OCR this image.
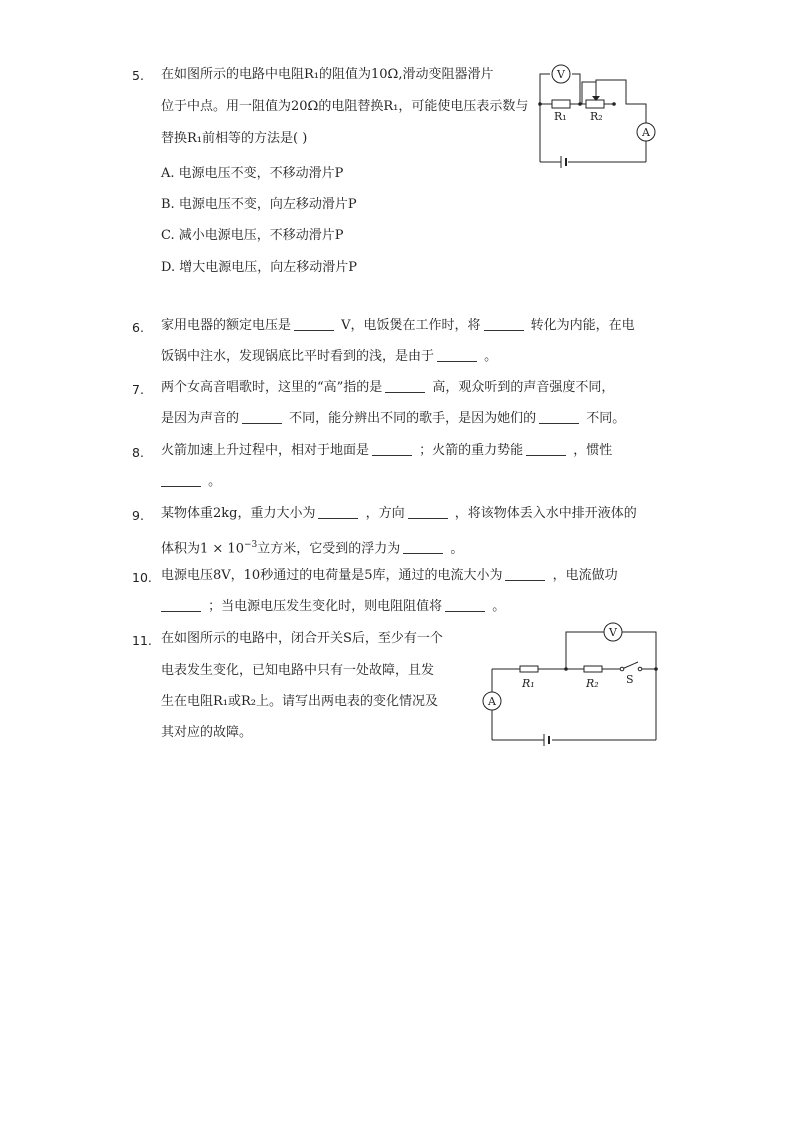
5.	在如图所示的电路中电阻R₁的阻值为10Ω,滑动变阻器滑片
位于中点。用一阻值为20Ω的电阻替换R₁，可能使电压表示数与
替换R₁前相等的方法是( )
A. 电源电压不变，不移动滑片P
B. 电源电压不变，向左移动滑片P
C. 减小电源电压，不移动滑片P
D. 增大电源电压，向左移动滑片P
V
A
R₁ R₂
6.	家用电器的额定电压是	V，电饭煲在工作时，将	转化为内能，在电
饭锅中注水，发现锅底比平时看到的浅，是由于	。
7.	两个女高音唱歌时，这里的“高”指的是	高，观众听到的声音强度不同，
是因为声音的	不同，能分辨出不同的歌手，是因为她们的	不同。
8.	火箭加速上升过程中，相对于地面是	；火箭的重力势能	，惯性
。
9.	某物体重2kg，重力大小为	，方向	，将该物体丢入水中排开液体的
体积为$1 \times 10^{-3}$立方米，它受到的浮力为	。
10. 电源电压8V，10秒通过的电荷量是5库，通过的电流大小为	，电流做功
；当电源电压发生变化时，则电阻阻值将	。
11. 在如图所示的电路中，闭合开关S后，至少有一个
电表发生变化，已知电路中只有一处故障，且发
生在电阻R₁或R₂上。请写出两电表的变化情况及
其对应的故障。
V
A
R₁	R₂ S
